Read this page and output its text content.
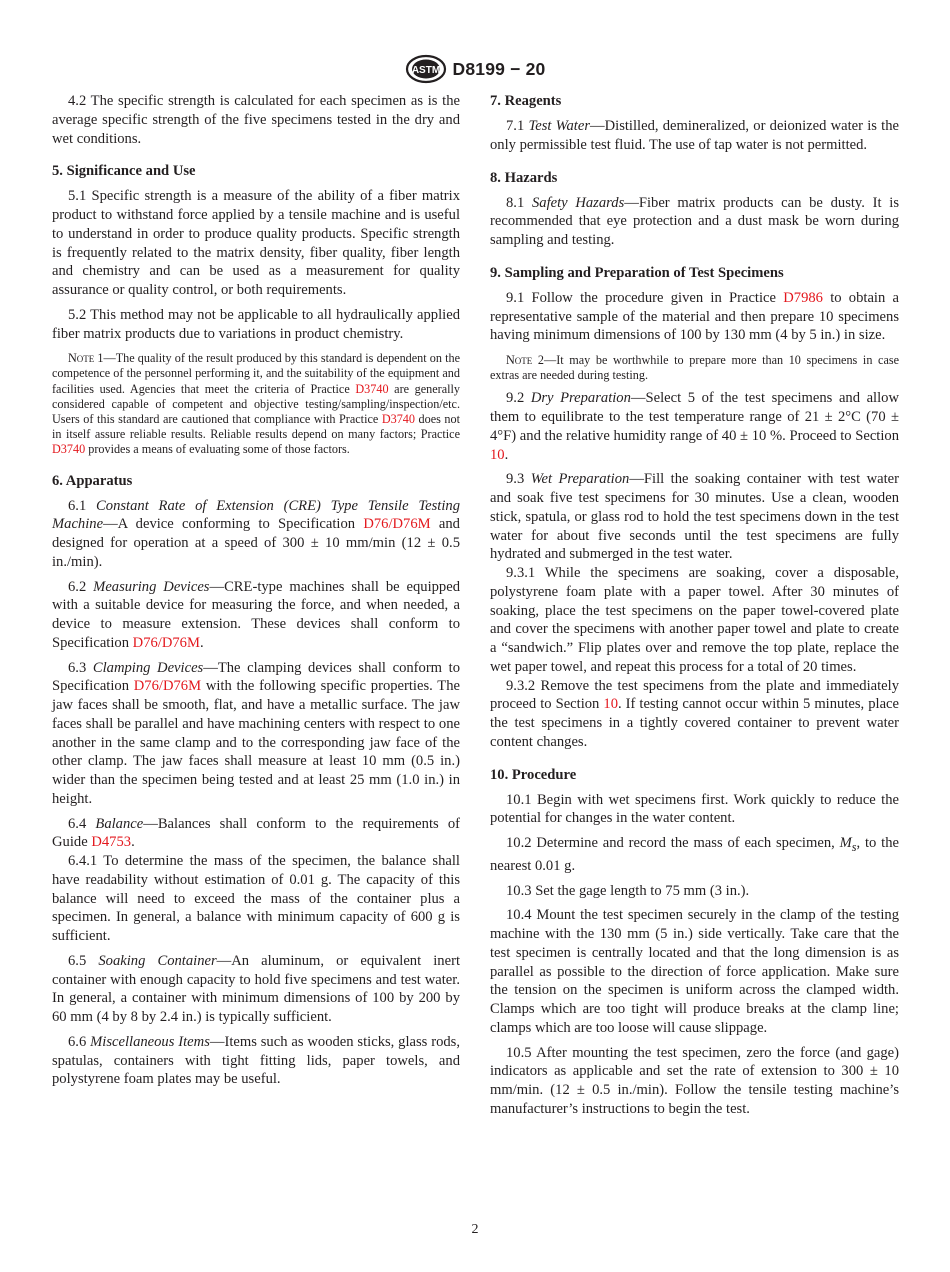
ASTM D8199 − 20

4.2 The specific strength is calculated for each specimen as is the average specific strength of the five specimens tested in the dry and wet conditions.

5. Significance and Use

5.1 Specific strength is a measure of the ability of a fiber matrix product to withstand force applied by a tensile machine and is useful to understand in order to produce quality products. Specific strength is frequently related to the matrix density, fiber quality, fiber length and chemistry and can be used as a measurement for quality assurance or quality control, or both requirements.

5.2 This method may not be applicable to all hydraulically applied fiber matrix products due to variations in product chemistry.

Note 1—The quality of the result produced by this standard is dependent on the competence of the personnel performing it, and the suitability of the equipment and facilities used. Agencies that meet the criteria of Practice D3740 are generally considered capable of competent and objective testing/sampling/inspection/etc. Users of this standard are cautioned that compliance with Practice D3740 does not in itself assure reliable results. Reliable results depend on many factors; Practice D3740 provides a means of evaluating some of those factors.

6. Apparatus

6.1 Constant Rate of Extension (CRE) Type Tensile Testing Machine—A device conforming to Specification D76/D76M and designed for operation at a speed of 300 ± 10 mm/min (12 ± 0.5 in./min).

6.2 Measuring Devices—CRE-type machines shall be equipped with a suitable device for measuring the force, and when needed, a device to measure extension. These devices shall conform to Specification D76/D76M.

6.3 Clamping Devices—The clamping devices shall conform to Specification D76/D76M with the following specific properties. The jaw faces shall be smooth, flat, and have a metallic surface. The jaw faces shall be parallel and have machining centers with respect to one another in the same clamp and to the corresponding jaw face of the other clamp. The jaw faces shall measure at least 10 mm (0.5 in.) wider than the specimen being tested and at least 25 mm (1.0 in.) in height.

6.4 Balance—Balances shall conform to the requirements of Guide D4753.

6.4.1 To determine the mass of the specimen, the balance shall have readability without estimation of 0.01 g. The capacity of this balance will need to exceed the mass of the container plus a specimen. In general, a balance with minimum capacity of 600 g is sufficient.

6.5 Soaking Container—An aluminum, or equivalent inert container with enough capacity to hold five specimens and test water. In general, a container with minimum dimensions of 100 by 200 by 60 mm (4 by 8 by 2.4 in.) is typically sufficient.

6.6 Miscellaneous Items—Items such as wooden sticks, glass rods, spatulas, containers with tight fitting lids, paper towels, and polystyrene foam plates may be useful.

7. Reagents

7.1 Test Water—Distilled, demineralized, or deionized water is the only permissible test fluid. The use of tap water is not permitted.

8. Hazards

8.1 Safety Hazards—Fiber matrix products can be dusty. It is recommended that eye protection and a dust mask be worn during sampling and testing.

9. Sampling and Preparation of Test Specimens

9.1 Follow the procedure given in Practice D7986 to obtain a representative sample of the material and then prepare 10 specimens having minimum dimensions of 100 by 130 mm (4 by 5 in.) in size.

Note 2—It may be worthwhile to prepare more than 10 specimens in case extras are needed during testing.

9.2 Dry Preparation—Select 5 of the test specimens and allow them to equilibrate to the test temperature range of 21 ± 2°C (70 ± 4°F) and the relative humidity range of 40 ± 10 %. Proceed to Section 10.

9.3 Wet Preparation—Fill the soaking container with test water and soak five test specimens for 30 minutes. Use a clean, wooden stick, spatula, or glass rod to hold the test specimens down in the test water for about five seconds until the test specimens are fully hydrated and submerged in the test water.

9.3.1 While the specimens are soaking, cover a disposable, polystyrene foam plate with a paper towel. After 30 minutes of soaking, place the test specimens on the paper towel-covered plate and cover the specimens with another paper towel and plate to create a “sandwich.” Flip plates over and remove the top plate, replace the wet paper towel, and repeat this process for a total of 20 times.

9.3.2 Remove the test specimens from the plate and immediately proceed to Section 10. If testing cannot occur within 5 minutes, place the test specimens in a tightly covered container to prevent water content changes.

10. Procedure

10.1 Begin with wet specimens first. Work quickly to reduce the potential for changes in the water content.

10.2 Determine and record the mass of each specimen, $M_s$, to the nearest 0.01 g.

10.3 Set the gage length to 75 mm (3 in.).

10.4 Mount the test specimen securely in the clamp of the testing machine with the 130 mm (5 in.) side vertically. Take care that the test specimen is centrally located and that the long dimension is as parallel as possible to the direction of force application. Make sure the tension on the specimen is uniform across the clamped width. Clamps which are too tight will produce breaks at the clamp line; clamps which are too loose will cause slippage.

10.5 After mounting the test specimen, zero the force (and gage) indicators as applicable and set the rate of extension to 300 ± 10 mm/min. (12 ± 0.5 in./min). Follow the tensile testing machine’s manufacturer’s instructions to begin the test.

2
